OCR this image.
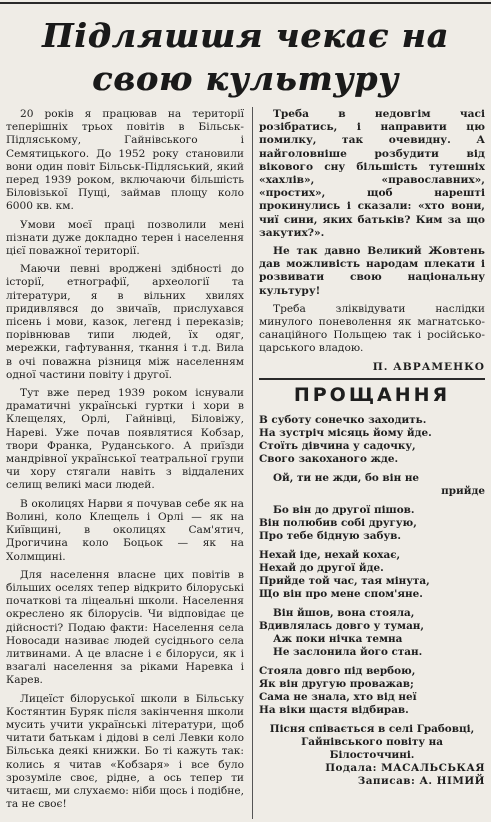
Підляшшя чекає на
свою культуру

20 років я працював на території теперішніх трьох повітів в Більськ-Підляському, Гайнівського і Семятицького. До 1952 року становили вони один повіт Більськ-Підляський, який перед 1939 роком, включаючи більшість Біловізької Пущі, займав площу коло 6000 кв. км.

Умови моєї праці позволили мені пізнати дуже докладно терен і населення цієї поважної території.

Маючи певні вроджені здібності до історії, етнографії, археології та літератури, я в вільних хвилях придивлявся до звичаїв, прислухався пісень і мови, казок, легенд і переказів; порівнював типи людей, їх одяг, мережки, гафтування, ткання і т.д. Вила в очі поважна різниця між населенням одної частини повіту і другої.

Тут вже перед 1939 роком існували драматичні українські гуртки і хори в Клещелях, Орлі, Гайнівці, Біловіжу, Нареві. Уже почав появлятися Кобзар, твори Франка, Руданського. А приїзди мандрівної української театральної групи чи хору стягали навіть з віддалених селищ великі маси людей.

В околицях Нарви я почував себе як на Волині, коло Клещель і Орлі — як на Київщині, в околицях Сам'ятич, Дрогичина коло Боцьок — як на Холмщині.

Для населення власне цих повітів в більших оселях тепер відкрито білоруські початкові та ліцеальні школи. Населення окреслено як білорусів. Чи відповідає це дійсності? Подаю факти: Населення села Новосади називає людей сусіднього села литвинами. А це власне і є білоруси, як і взагалі населення за ріками Наревка і Карев.

Лицеїст білоруської школи в Більську Костянтин Буряк після закінчення школи мусить учити українські літератури, щоб читати батькам і дідові в селі Левки коло Більська деякі книжки. Бо ті кажуть так: колись я читав «Кобзаря» і все було зрозуміле своє, рідне, а ось тепер ти читаєш, ми слухаємо: ніби щось і подібне, та не своє!

Треба в недовгім часі розібратись, і направити цю помилку, так очевидну. А найголовніше розбудити від вікового сну більшість тутешніх «хахлів», «православних», «простих», щоб нарешті прокинулись і сказали: «хто вони, чиї сини, яких батьків? Ким за що закутих?».

Не так давно Великий Жовтень дав можливість народам плекати і розвивати свою національну культуру!

Треба зліквідувати наслідки минулого поневолення як магнатсько-санаційного Польщею так і російсько-царського владою.

П. АВРАМЕНКО
ПРОЩАННЯ
В суботу сонечко заходить.
На зустріч місяць йому йде.
Стоїть дівчина у садочку,
Свого закоханого жде.
Ой, ти не жди, бо він не
прийде
Бо він до другої пішов.
Він полюбив собі другую,
Про тебе бідную забув.
Нехай іде, нехай кохає,
Нехай до другої йде.
Прийде той час, тая мінута,
Що він про мене спом'яне.
Він йшов, вона стояла,
Вдивлялась довго у туман,
Аж поки нічка темна
Не заслонила його стан.
Стояла довго під вербою,
Як він другую проважав;
Сама не знала, хто від неї
На віки щастя відбирав.
Пісня співається в селі Грабовці, Гайнівського повіту на Білосточчині.
Подала: МАСАЛЬСЬКАЯ
Записав: А. НІМИЙ
